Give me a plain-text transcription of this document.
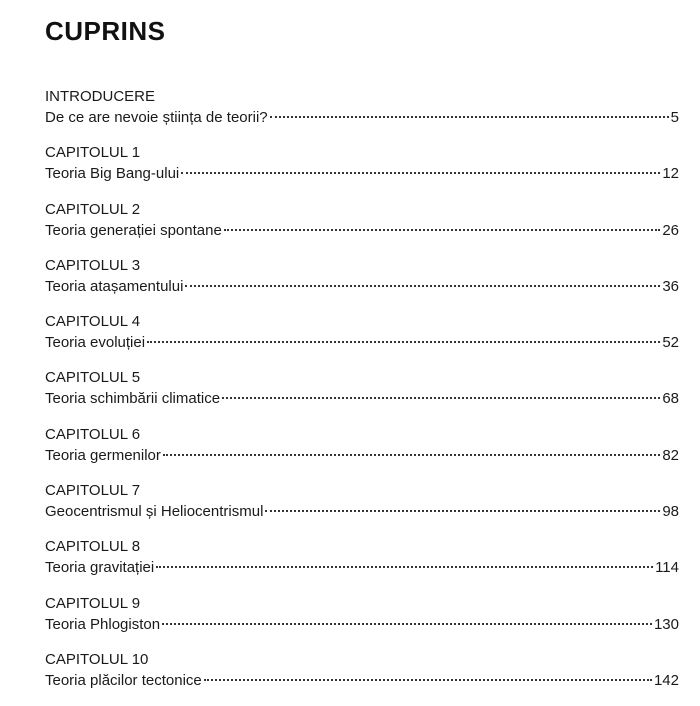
CUPRINS
INTRODUCERE
De ce are nevoie știința de teorii?	5
CAPITOLUL 1
Teoria Big Bang-ului	12
CAPITOLUL 2
Teoria generației spontane	26
CAPITOLUL 3
Teoria atașamentului	36
CAPITOLUL 4
Teoria evoluției	52
CAPITOLUL 5
Teoria schimbării climatice	68
CAPITOLUL 6
Teoria germenilor	82
CAPITOLUL 7
Geocentrismul și Heliocentrismul	98
CAPITOLUL 8
Teoria gravitației	114
CAPITOLUL 9
Teoria Phlogiston	130
CAPITOLUL 10
Teoria plăcilor tectonice	142
